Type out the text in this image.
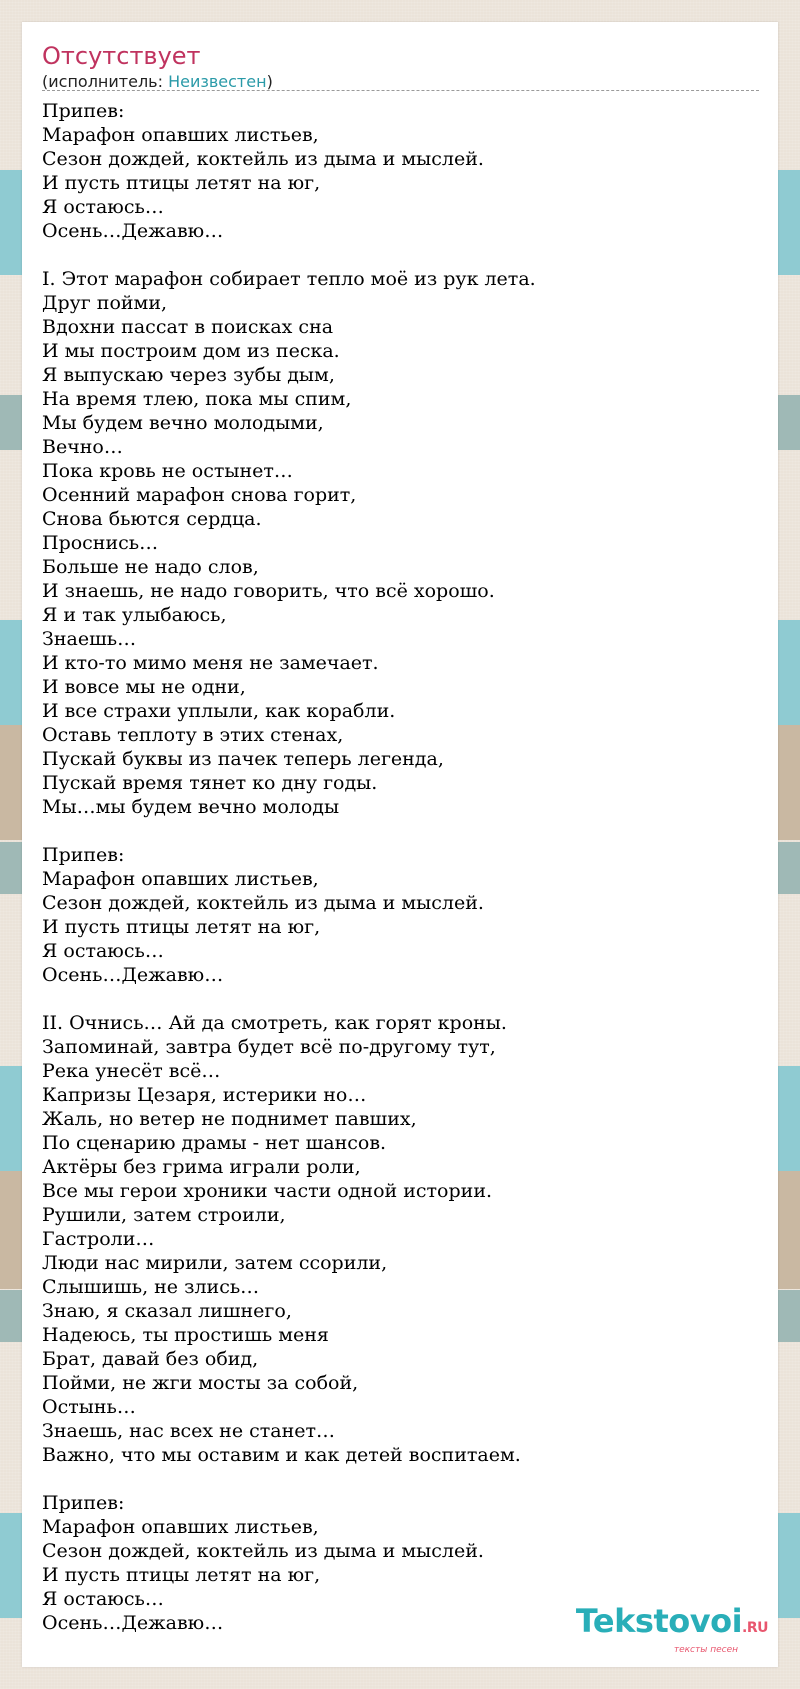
Отсутствует
(исполнитель: Неизвестен)
Припев:
Марафон опавших листьев,
Сезон дождей, коктейль из дыма и мыслей.
И пусть птицы летят на юг,
Я остаюсь…
Осень…Дежавю…
I. Этот марафон собирает тепло моё из рук лета.
Друг пойми,
Вдохни пассат в поисках сна
И мы построим дом из песка.
Я выпускаю через зубы дым,
На время тлею, пока мы спим,
Мы будем вечно молодыми,
Вечно…
Пока кровь не остынет…
Осенний марафон снова горит,
Снова бьются сердца.
Проснись…
Больше не надо слов,
И знаешь, не надо говорить, что всё хорошо.
Я и так улыбаюсь,
Знаешь…
И кто-то мимо меня не замечает.
И вовсе мы не одни,
И все страхи уплыли, как корабли.
Оставь теплоту в этих стенах,
Пускай буквы из пачек теперь легенда,
Пускай время тянет ко дну годы.
Мы…мы будем вечно молоды
Припев:
Марафон опавших листьев,
Сезон дождей, коктейль из дыма и мыслей.
И пусть птицы летят на юг,
Я остаюсь…
Осень…Дежавю…
II. Очнись… Ай да смотреть, как горят кроны.
Запоминай, завтра будет всё по-другому тут,
Река унесёт всё…
Капризы Цезаря, истерики но…
Жаль, но ветер не поднимет павших,
По сценарию драмы - нет шансов.
Актёры без грима играли роли,
Все мы герои хроники части одной истории.
Рушили, затем строили,
Гастроли…
Люди нас мирили, затем ссорили,
Слышишь, не злись…
Знаю, я сказал лишнего,
Надеюсь, ты простишь меня
Брат, давай без обид,
Пойми, не жги мосты за собой,
Остынь…
Знаешь, нас всех не станет…
Важно, что мы оставим и как детей воспитаем.
Припев:
Марафон опавших листьев,
Сезон дождей, коктейль из дыма и мыслей.
И пусть птицы летят на юг,
Я остаюсь…
Осень…Дежавю…	Tekstovoi.RU
тексты песен
